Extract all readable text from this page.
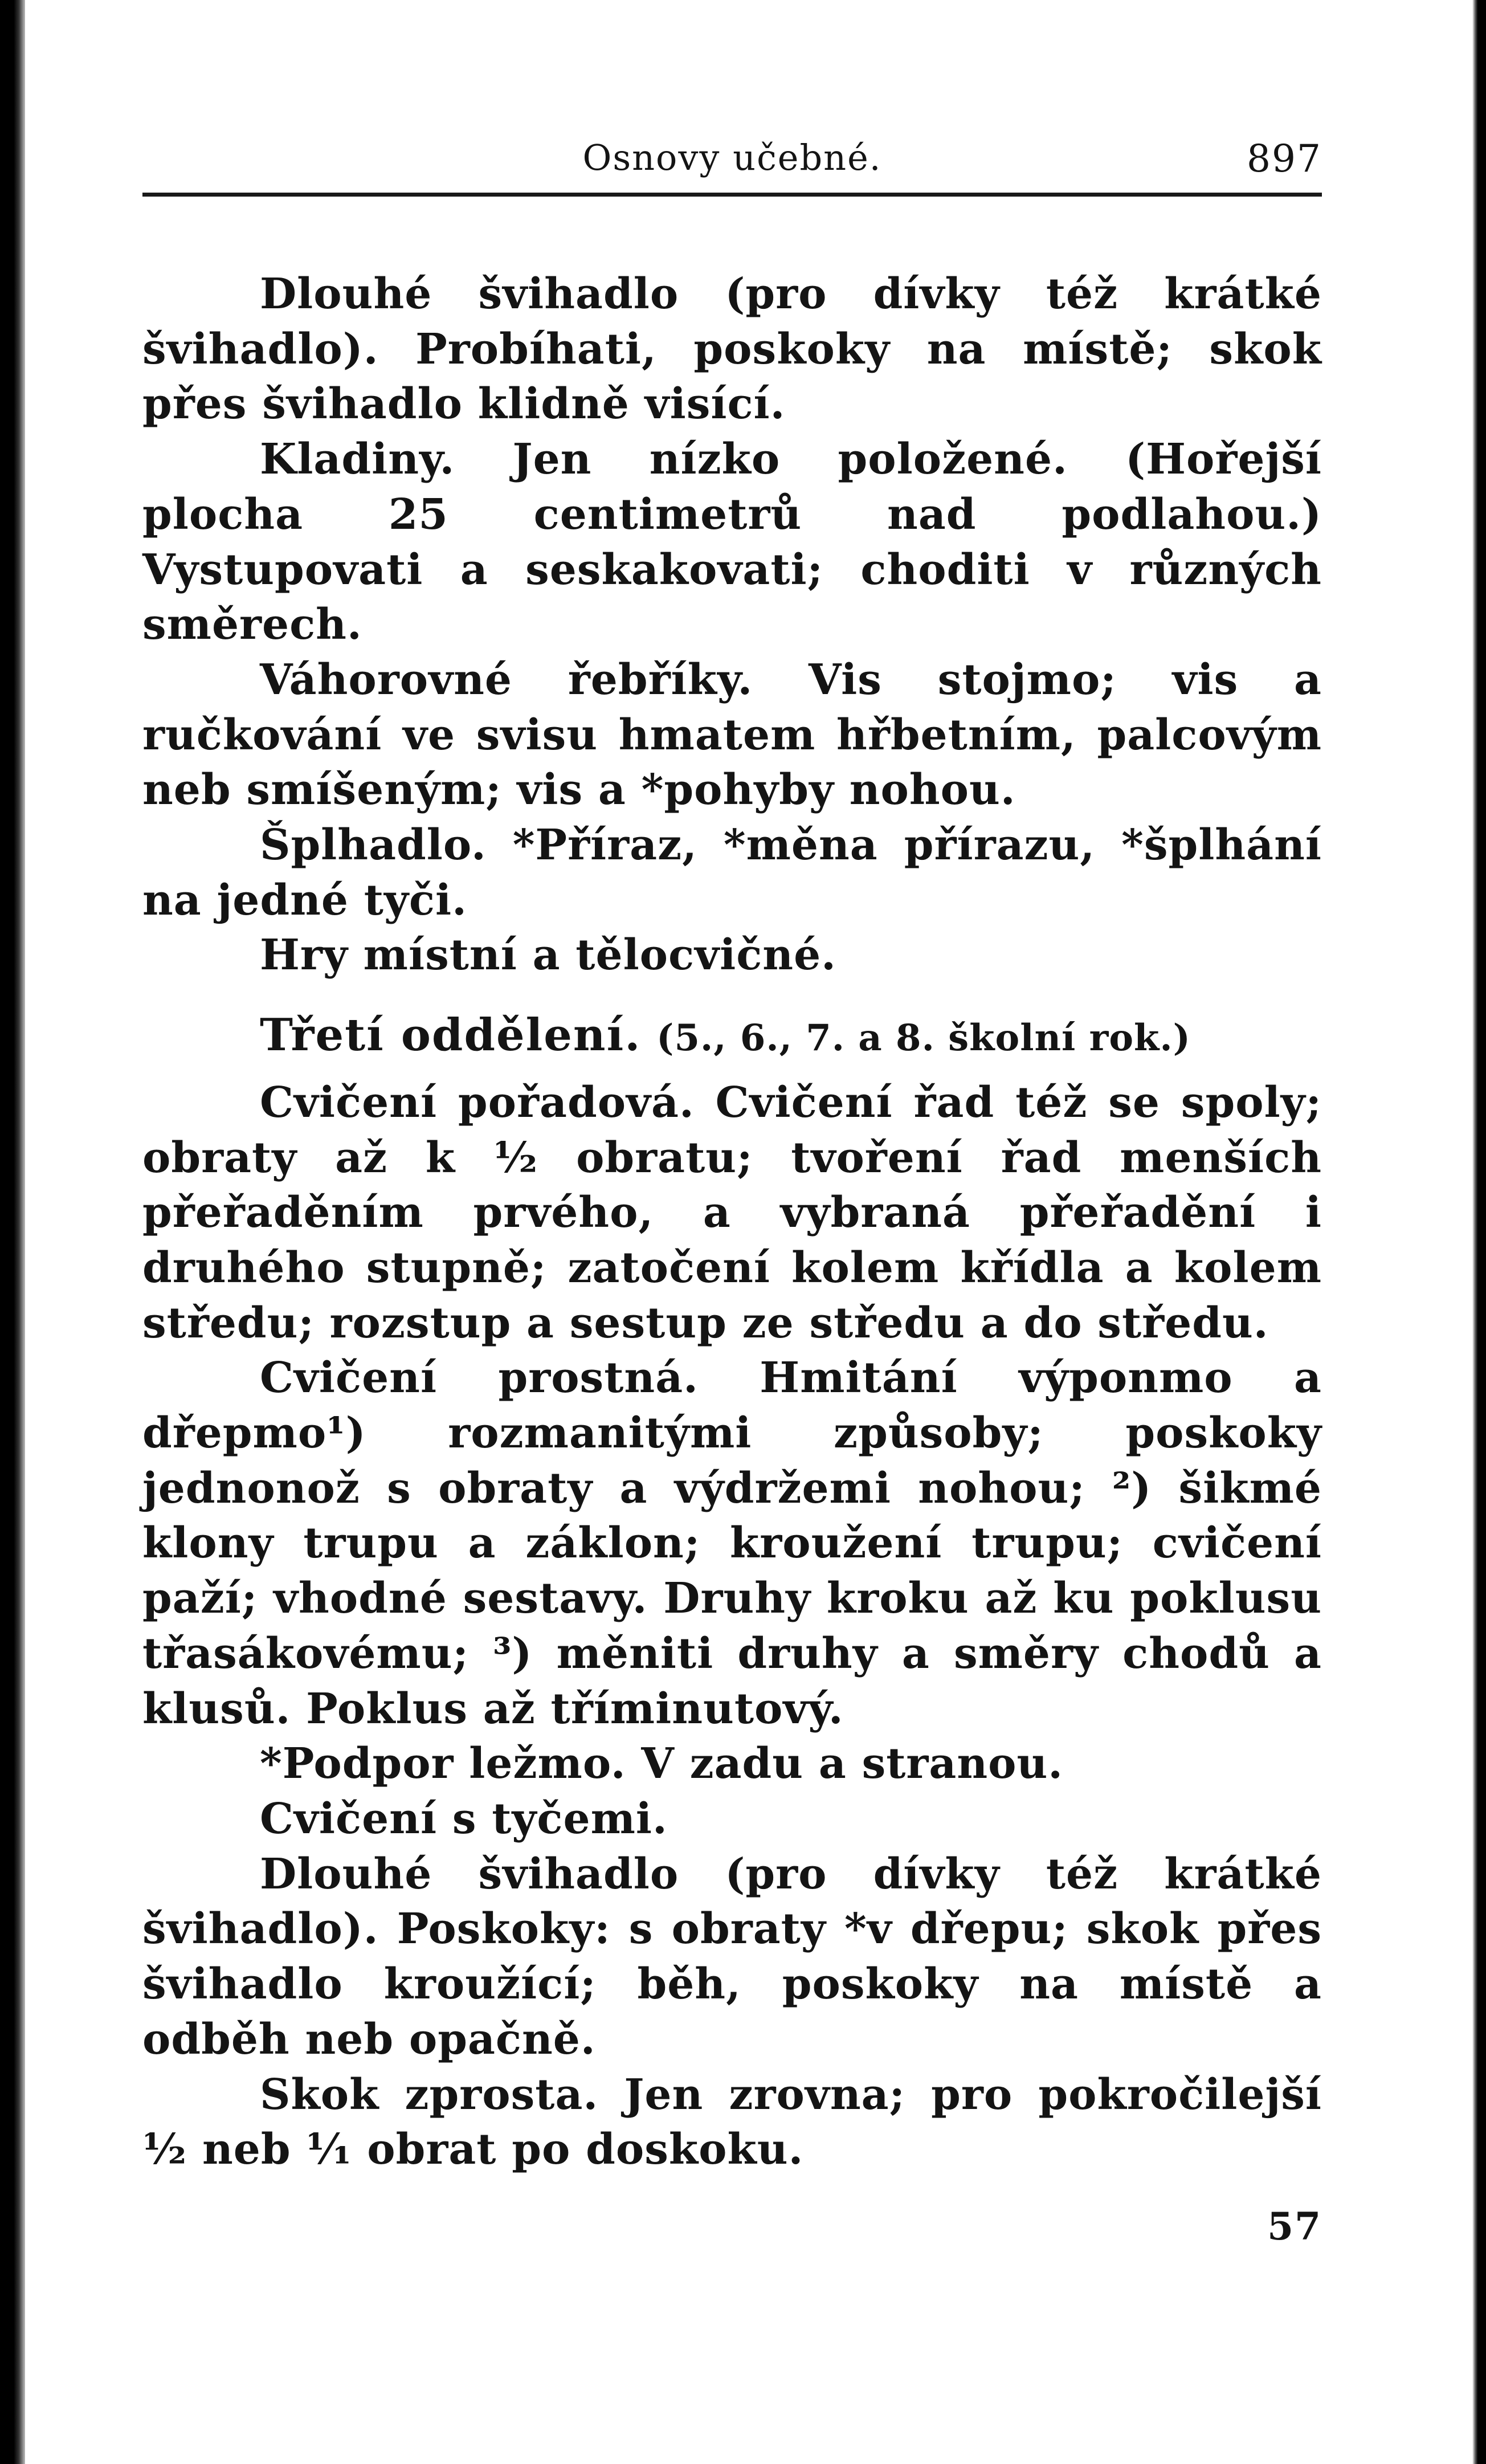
Osnovy učebné.	897

Dlouhé švihadlo (pro dívky též krátké švihadlo). Probíhati, poskoky na místě; skok přes švihadlo klidně visící.

Kladiny. Jen nízko položené. (Hořejší plocha 25 centimetrů nad podlahou.) Vystupovati a seskakovati; choditi v různých směrech.

Váhorovné řebříky. Vis stojmo; vis a ručkování ve svisu hmatem hřbetním, palcovým neb smíšeným; vis a *pohyby nohou.

Šplhadlo. *Příraz, *měna přírazu, *šplhání na jedné tyči.

Hry místní a tělocvičné.

Třetí oddělení. (5., 6., 7. a 8. školní rok.)

Cvičení pořadová. Cvičení řad též se spoly; obraty až k ½ obratu; tvoření řad menších přeřaděním prvého, a vybraná přeřadění i druhého stupně; zatočení kolem křídla a kolem středu; rozstup a sestup ze středu a do středu.

Cvičení prostná. Hmitání výponmo a dřepmo¹) rozmanitými způsoby; poskoky jednonož s obraty a výdržemi nohou; ²) šikmé klony trupu a záklon; kroužení trupu; cvičení paží; vhodné sestavy. Druhy kroku až ku poklusu třasákovému; ³) měniti druhy a směry chodů a klusů. Poklus až tříminutový.

*Podpor ležmo. V zadu a stranou.

Cvičení s tyčemi.

Dlouhé švihadlo (pro dívky též krátké švihadlo). Poskoky: s obraty *v dřepu; skok přes švihadlo kroužící; běh, poskoky na místě a odběh neb opačně.

Skok zprosta. Jen zrovna; pro pokročilejší ½ neb ¹⁄₁ obrat po doskoku.

57
